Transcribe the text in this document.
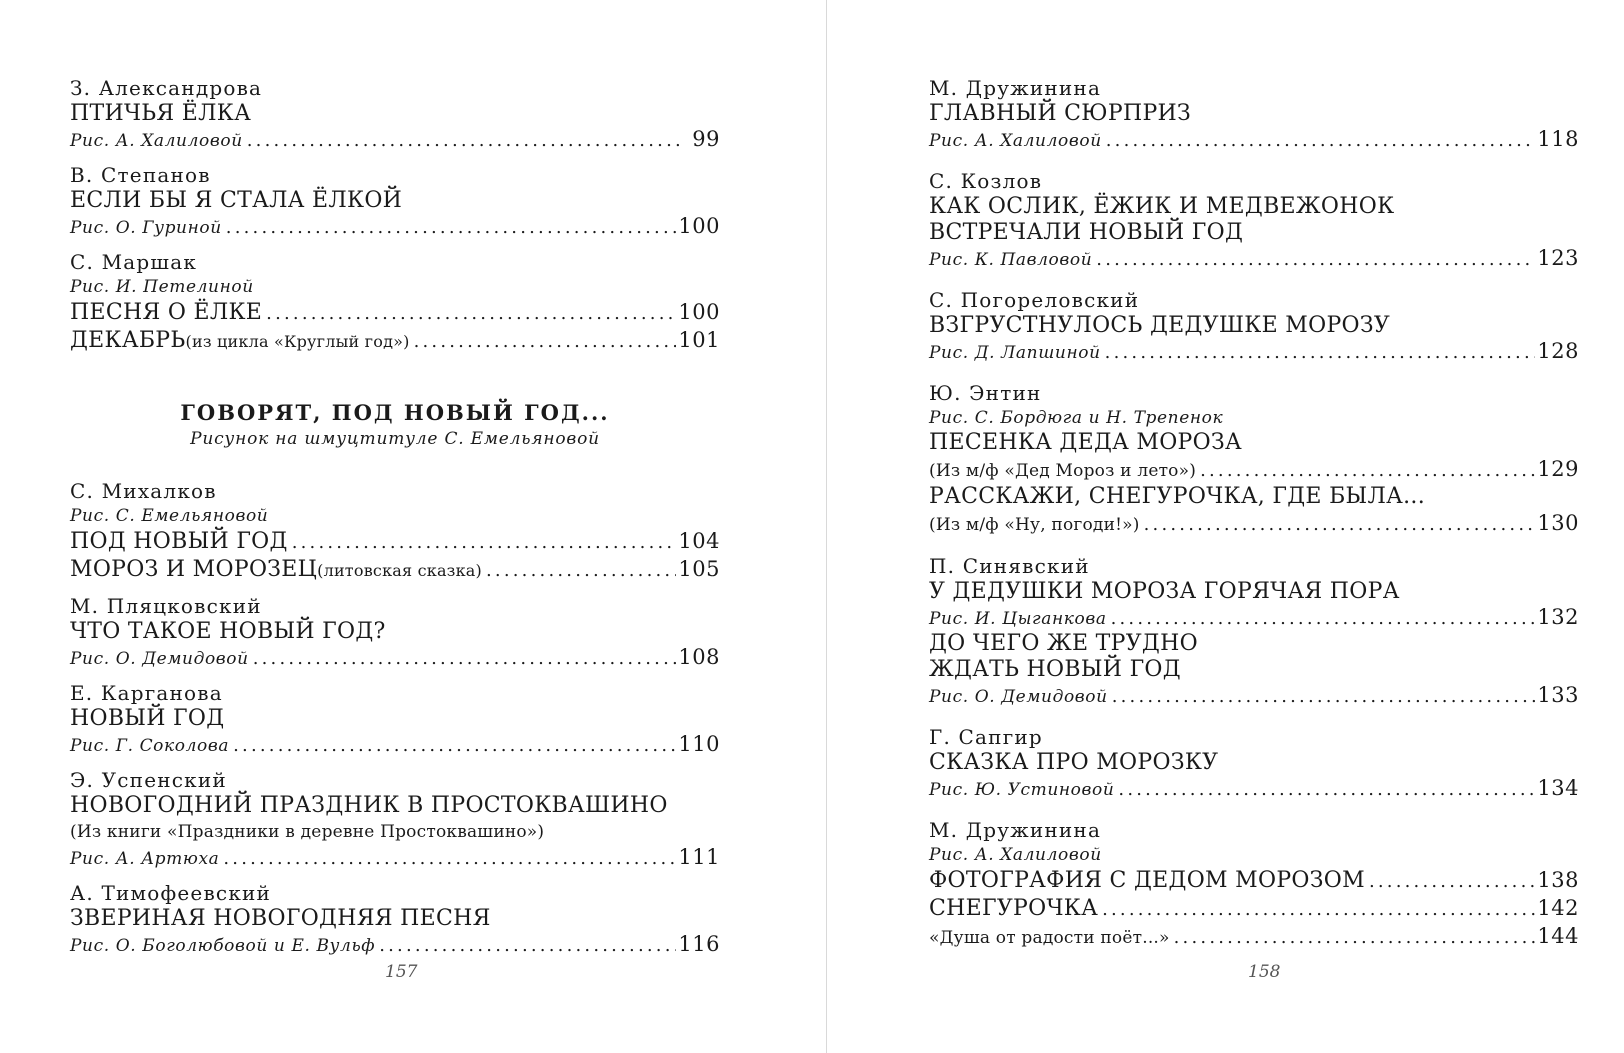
З. Александрова
ПТИЧЬЯ ЁЛКА
Рис. А. Халиловой .....	99
В. Степанов
ЕСЛИ БЫ Я СТАЛА ЁЛКОЙ
Рис. О. Гуриной .....	100
С. Маршак
Рис. И. Петелиной
ПЕСНЯ О ЁЛКЕ .....	100
ДЕКАБРЬ (из цикла «Круглый год») .....	101
ГОВОРЯТ, ПОД НОВЫЙ ГОД...
Рисунок на шмуцтитуле С. Емельяновой
С. Михалков
Рис. С. Емельяновой
ПОД НОВЫЙ ГОД .....	104
МОРОЗ И МОРОЗЕЦ (литовская сказка) .....	105
М. Пляцковский
ЧТО ТАКОЕ НОВЫЙ ГОД?
Рис. О. Демидовой .....	108
Е. Карганова
НОВЫЙ ГОД
Рис. Г. Соколова .....	110
Э. Успенский
НОВОГОДНИЙ ПРАЗДНИК В ПРОСТОКВАШИНО
(Из книги «Праздники в деревне Простоквашино»)
Рис. А. Артюха .....	111
А. Тимофеевский
ЗВЕРИНАЯ НОВОГОДНЯЯ ПЕСНЯ
Рис. О. Боголюбовой и Е. Вульф .....	116
157
М. Дружинина
ГЛАВНЫЙ СЮРПРИЗ
Рис. А. Халиловой .....	118
С. Козлов
КАК ОСЛИК, ЁЖИК И МЕДВЕЖОНОК
ВСТРЕЧАЛИ НОВЫЙ ГОД
Рис. К. Павловой .....	123
С. Погореловский
ВЗГРУСТНУЛОСЬ ДЕДУШКЕ МОРОЗУ
Рис. Д. Лапшиной .....	128
Ю. Энтин
Рис. С. Бордюга и Н. Трепенок
ПЕСЕНКА ДЕДА МОРОЗА
(Из м/ф «Дед Мороз и лето») .....	129
РАССКАЖИ, СНЕГУРОЧКА, ГДЕ БЫЛА...
(Из м/ф «Ну, погоди!») .....	130
П. Синявский
У ДЕДУШКИ МОРОЗА ГОРЯЧАЯ ПОРА
Рис. И. Цыганкова .....	132
ДО ЧЕГО ЖЕ ТРУДНО
ЖДАТЬ НОВЫЙ ГОД
Рис. О. Демидовой .....	133
Г. Сапгир
СКАЗКА ПРО МОРОЗКУ
Рис. Ю. Устиновой .....	134
М. Дружинина
Рис. А. Халиловой
ФОТОГРАФИЯ С ДЕДОМ МОРОЗОМ .....	138
СНЕГУРОЧКА .....	142
«Душа от радости поёт...» .....	144
158
